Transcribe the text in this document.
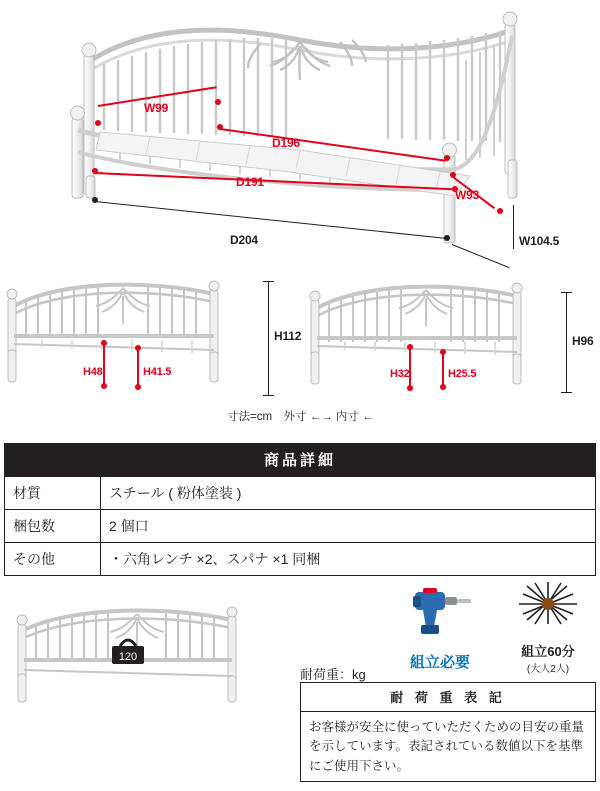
W99
D196
D191
W93
D204	W104.5
H112
H48	H41.5
H96
H32	H25.5
寸法=cm　外寸 ←→ 内寸 ←
商品詳細	
材質	スチール ( 粉体塗装 )
梱包数	2 個口
その他	・六角レンチ ×2、スパナ ×1 同梱
120	組立必要
組立60分
(大人2人)
耐荷重：kg
耐 荷 重 表 記
お客様が安全に使っていただくための目安の重量を示しています。表記されている数値以下を基準にご使用下さい。
